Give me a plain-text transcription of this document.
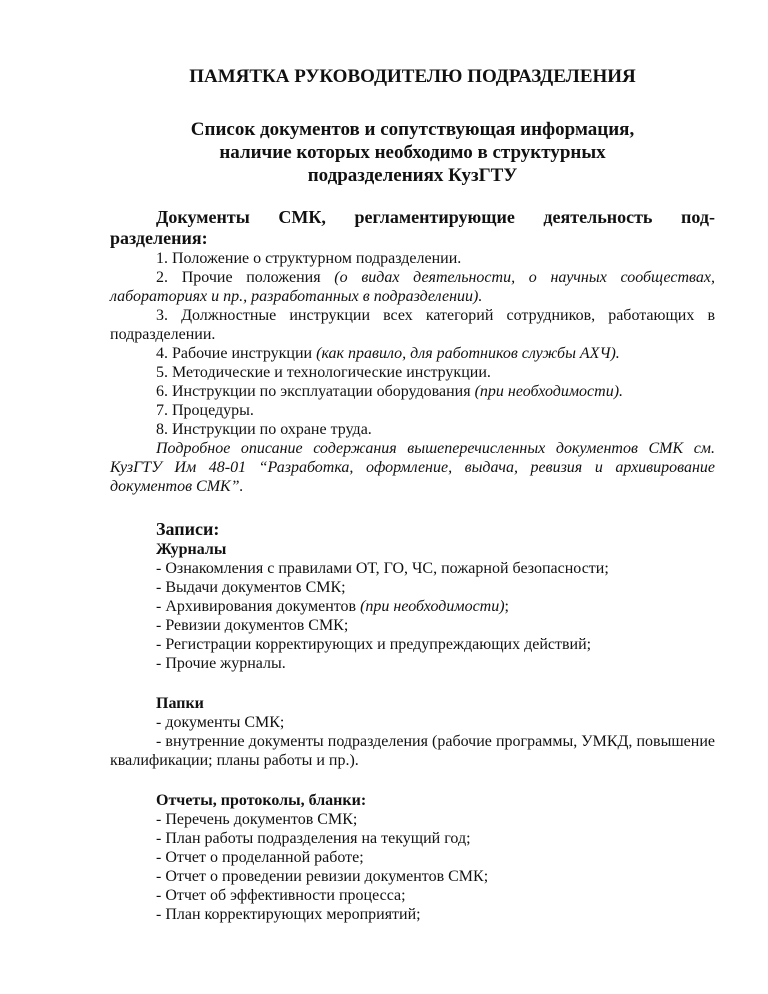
ПАМЯТКА РУКОВОДИТЕЛЮ ПОДРАЗДЕЛЕНИЯ
Список документов и сопутствующая информация,
наличие которых необходимо в структурных
подразделениях КузГТУ
Документы СМК, регламентирующие деятельность под-
разделения:

1. Положение о структурном подразделении.

2. Прочие положения (о видах деятельности, о научных сообществах, лабораториях и пр., разработанных в подразделении).

3. Должностные инструкции всех категорий сотрудников, работающих в подразделении.

4. Рабочие инструкции (как правило, для работников службы АХЧ).

5. Методические и технологические инструкции.

6. Инструкции по эксплуатации оборудования (при необходимости).

7. Процедуры.

8. Инструкции по охране труда.

Подробное описание содержания вышеперечисленных документов СМК см. КузГТУ Им 48-01 “Разработка, оформление, выдача, ревизия и архивирование документов СМК”.

Записи:
Журналы

- Ознакомления с правилами ОТ, ГО, ЧС, пожарной безопасности;

- Выдачи документов СМК;

- Архивирования документов (при необходимости);

- Ревизии документов СМК;

- Регистрации корректирующих и предупреждающих действий;

- Прочие журналы.

Папки

- документы СМК;

- внутренние документы подразделения (рабочие программы, УМКД, повышение квалификации; планы работы и пр.).

Отчеты, протоколы, бланки:

- Перечень документов СМК;

- План работы подразделения на текущий год;

- Отчет о проделанной работе;

- Отчет о проведении ревизии документов СМК;

- Отчет об эффективности процесса;

- План корректирующих мероприятий;
